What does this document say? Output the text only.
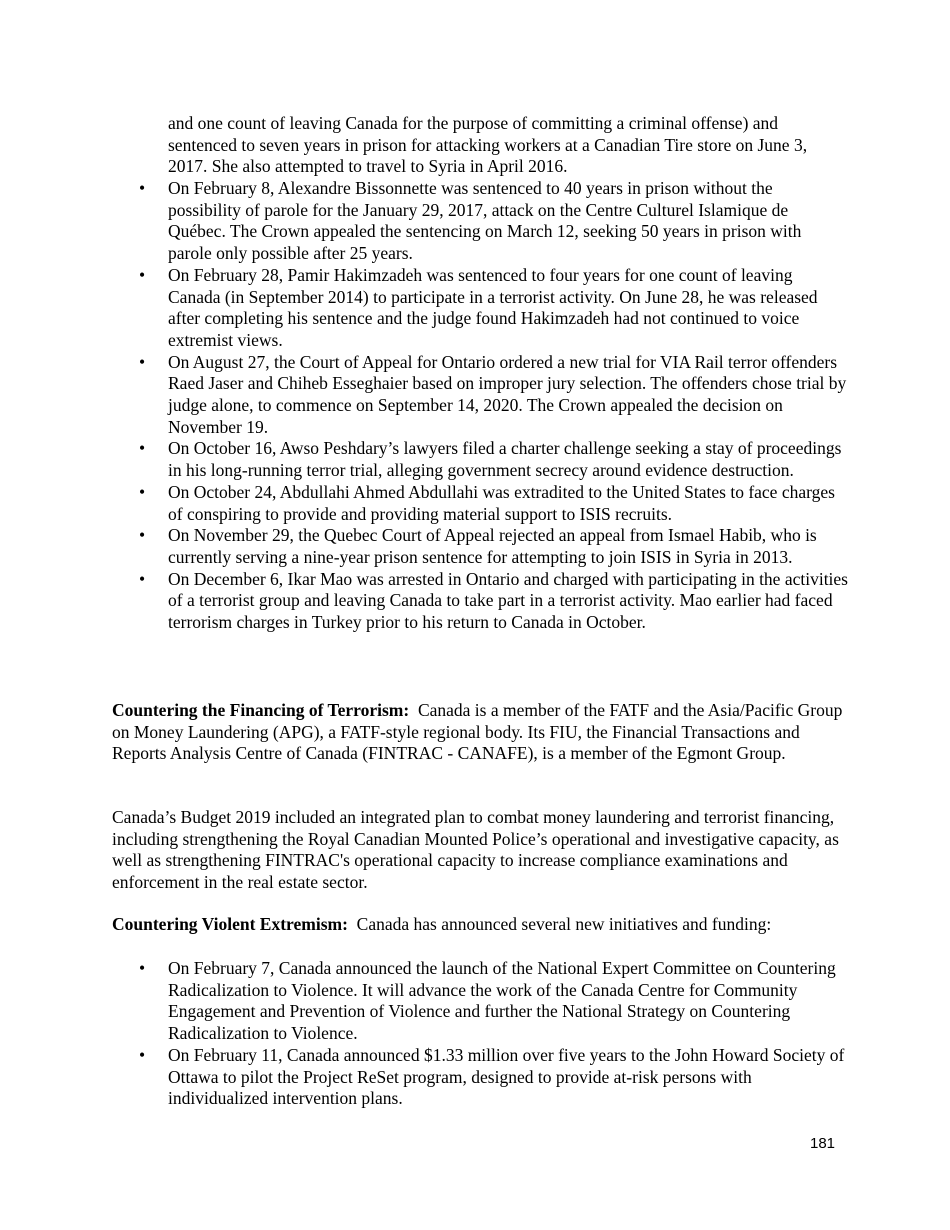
and one count of leaving Canada for the purpose of committing a criminal offense) and sentenced to seven years in prison for attacking workers at a Canadian Tire store on June 3, 2017. She also attempted to travel to Syria in April 2016.

• On February 8, Alexandre Bissonnette was sentenced to 40 years in prison without the possibility of parole for the January 29, 2017, attack on the Centre Culturel Islamique de Québec. The Crown appealed the sentencing on March 12, seeking 50 years in prison with parole only possible after 25 years.
• On February 28, Pamir Hakimzadeh was sentenced to four years for one count of leaving Canada (in September 2014) to participate in a terrorist activity. On June 28, he was released after completing his sentence and the judge found Hakimzadeh had not continued to voice extremist views.
• On August 27, the Court of Appeal for Ontario ordered a new trial for VIA Rail terror offenders Raed Jaser and Chiheb Esseghaier based on improper jury selection. The offenders chose trial by judge alone, to commence on September 14, 2020. The Crown appealed the decision on November 19.
• On October 16, Awso Peshdary’s lawyers filed a charter challenge seeking a stay of proceedings in his long-running terror trial, alleging government secrecy around evidence destruction.
• On October 24, Abdullahi Ahmed Abdullahi was extradited to the United States to face charges of conspiring to provide and providing material support to ISIS recruits.
• On November 29, the Quebec Court of Appeal rejected an appeal from Ismael Habib, who is currently serving a nine-year prison sentence for attempting to join ISIS in Syria in 2013.
• On December 6, Ikar Mao was arrested in Ontario and charged with participating in the activities of a terrorist group and leaving Canada to take part in a terrorist activity. Mao earlier had faced terrorism charges in Turkey prior to his return to Canada in October.

Countering the Financing of Terrorism: Canada is a member of the FATF and the Asia/Pacific Group on Money Laundering (APG), a FATF-style regional body. Its FIU, the Financial Transactions and Reports Analysis Centre of Canada (FINTRAC - CANAFE), is a member of the Egmont Group.

Canada’s Budget 2019 included an integrated plan to combat money laundering and terrorist financing, including strengthening the Royal Canadian Mounted Police’s operational and investigative capacity, as well as strengthening FINTRAC's operational capacity to increase compliance examinations and enforcement in the real estate sector.

Countering Violent Extremism: Canada has announced several new initiatives and funding:

• On February 7, Canada announced the launch of the National Expert Committee on Countering Radicalization to Violence. It will advance the work of the Canada Centre for Community Engagement and Prevention of Violence and further the National Strategy on Countering Radicalization to Violence.
• On February 11, Canada announced $1.33 million over five years to the John Howard Society of Ottawa to pilot the Project ReSet program, designed to provide at-risk persons with individualized intervention plans.
181
